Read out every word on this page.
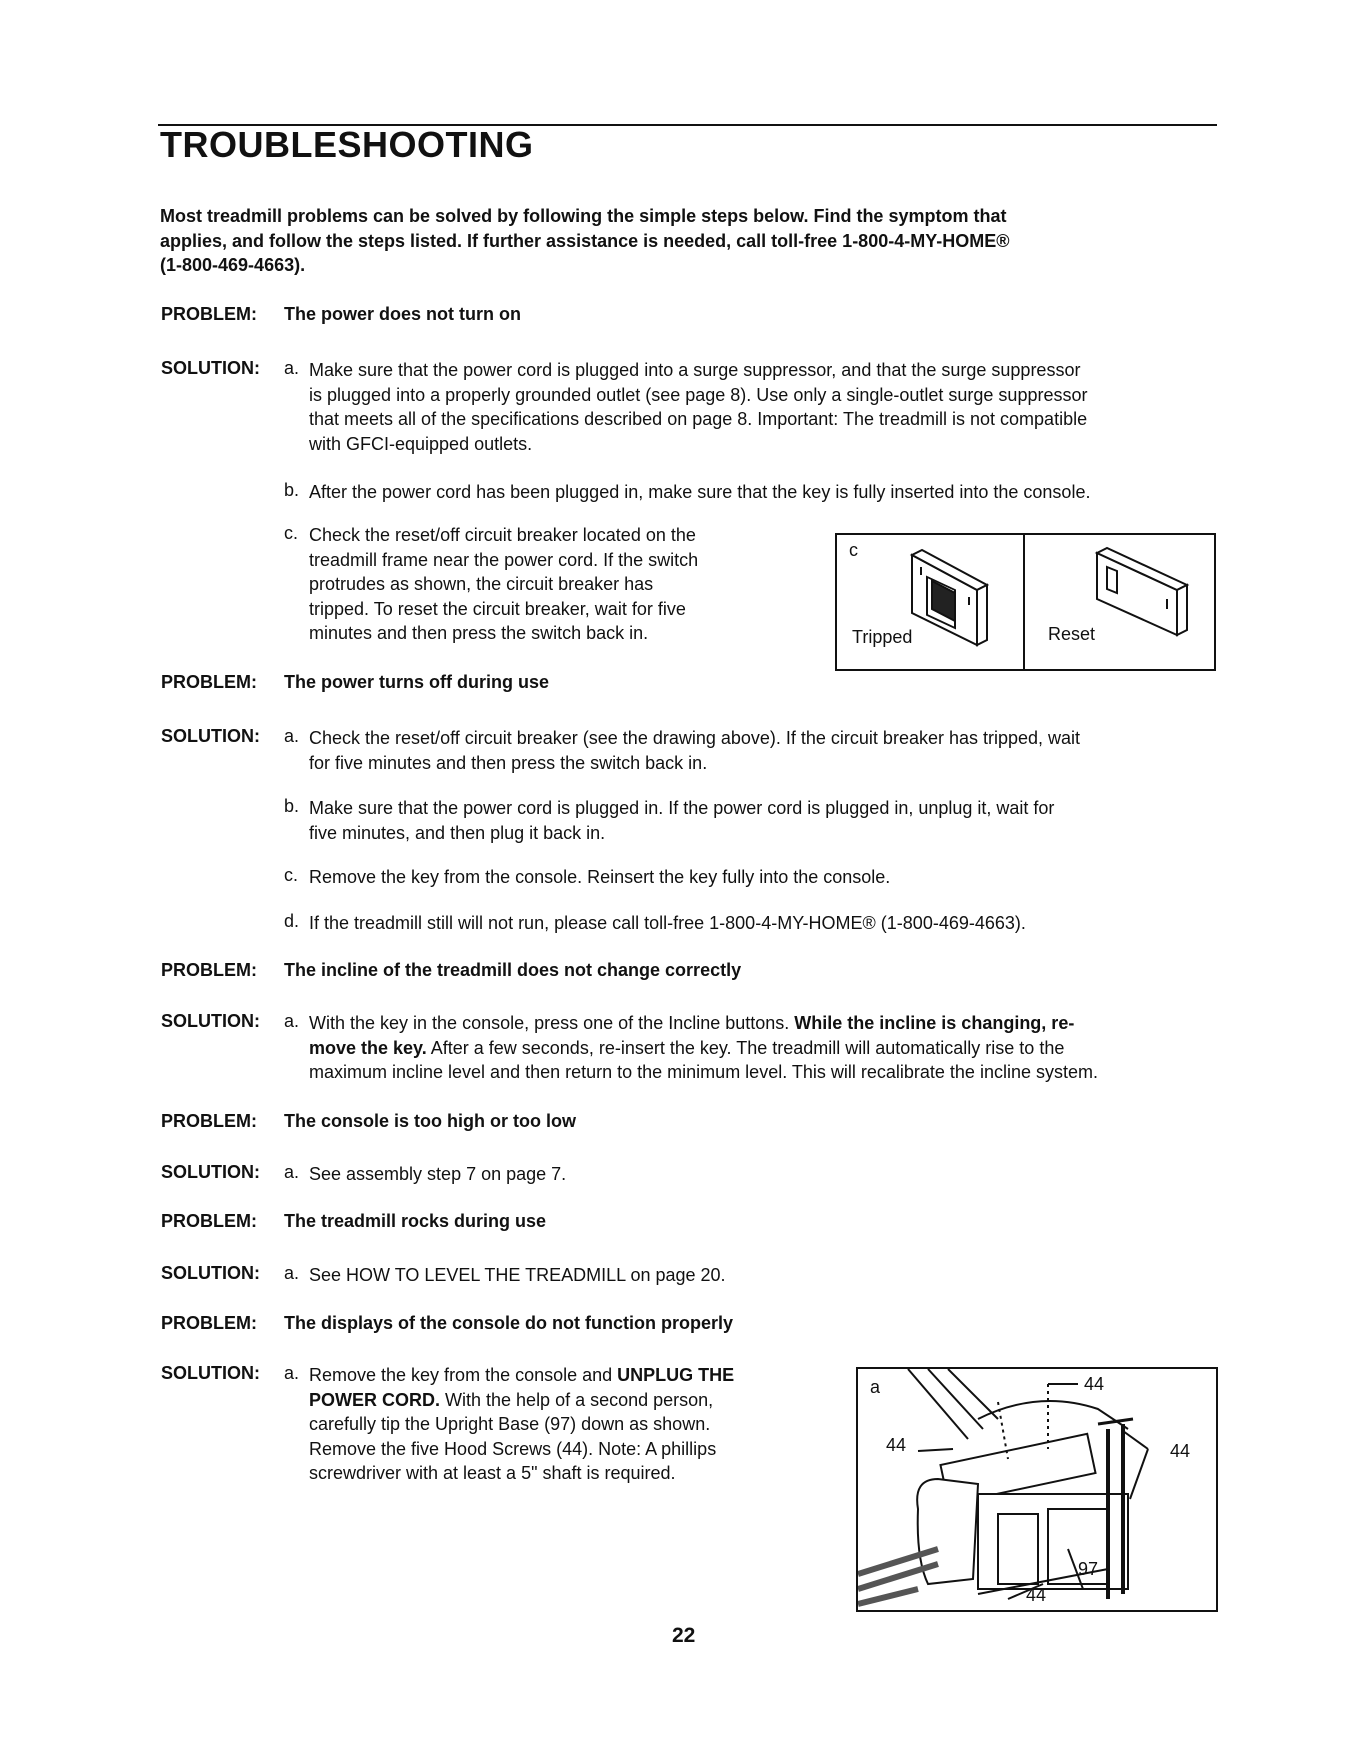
TROUBLESHOOTING
Most treadmill problems can be solved by following the simple steps below. Find the symptom that
applies, and follow the steps listed. If further assistance is needed, call toll-free 1-800-4-MY-HOME®
(1-800-469-4663).
PROBLEM: The power does not turn on
SOLUTION: a. Make sure that the power cord is plugged into a surge suppressor, and that the surge suppressor
is plugged into a properly grounded outlet (see page 8). Use only a single-outlet surge suppressor
that meets all of the specifications described on page 8. Important: The treadmill is not compatible
with GFCI-equipped outlets.
b. After the power cord has been plugged in, make sure that the key is fully inserted into the console.
c. Check the reset/off circuit breaker located on the
treadmill frame near the power cord. If the switch
protrudes as shown, the circuit breaker has
tripped. To reset the circuit breaker, wait for five
minutes and then press the switch back in.
c
Tripped	Reset
PROBLEM: The power turns off during use
SOLUTION: a. Check the reset/off circuit breaker (see the drawing above). If the circuit breaker has tripped, wait
for five minutes and then press the switch back in.
b. Make sure that the power cord is plugged in. If the power cord is plugged in, unplug it, wait for
five minutes, and then plug it back in.
c. Remove the key from the console. Reinsert the key fully into the console.
d. If the treadmill still will not run, please call toll-free 1-800-4-MY-HOME® (1-800-469-4663).
PROBLEM: The incline of the treadmill does not change correctly
SOLUTION: a. With the key in the console, press one of the Incline buttons. While the incline is changing, re-
move the key. After a few seconds, re-insert the key. The treadmill will automatically rise to the
maximum incline level and then return to the minimum level. This will recalibrate the incline system.
PROBLEM: The console is too high or too low
SOLUTION: a. See assembly step 7 on page 7.
PROBLEM: The treadmill rocks during use
SOLUTION: a. See HOW TO LEVEL THE TREADMILL on page 20.
PROBLEM: The displays of the console do not function properly
SOLUTION: a. Remove the key from the console and UNPLUG THE
POWER CORD. With the help of a second person,
carefully tip the Upright Base (97) down as shown.
Remove the five Hood Screws (44). Note: A phillips
screwdriver with at least a 5" shaft is required.
a	44
44	44
44
97
22
